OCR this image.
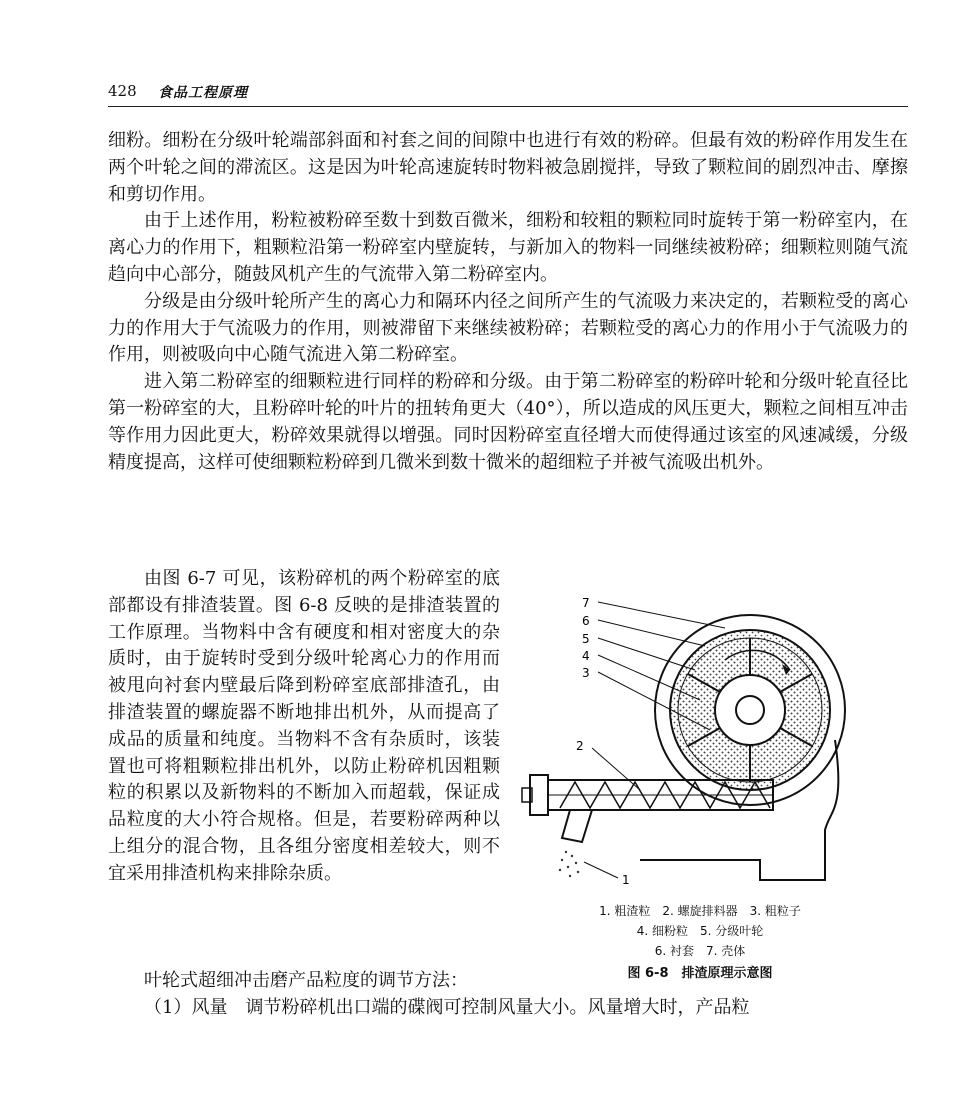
428 食品工程原理

细粉。细粉在分级叶轮端部斜面和衬套之间的间隙中也进行有效的粉碎。但最有效的粉碎作用发生在两个叶轮之间的滞流区。这是因为叶轮高速旋转时物料被急剧搅拌，导致了颗粒间的剧烈冲击、摩擦和剪切作用。

由于上述作用，粉粒被粉碎至数十到数百微米，细粉和较粗的颗粒同时旋转于第一粉碎室内，在离心力的作用下，粗颗粒沿第一粉碎室内壁旋转，与新加入的物料一同继续被粉碎；细颗粒则随气流趋向中心部分，随鼓风机产生的气流带入第二粉碎室内。

分级是由分级叶轮所产生的离心力和隔环内径之间所产生的气流吸力来决定的，若颗粒受的离心力的作用大于气流吸力的作用，则被滞留下来继续被粉碎；若颗粒受的离心力的作用小于气流吸力的作用，则被吸向中心随气流进入第二粉碎室。

进入第二粉碎室的细颗粒进行同样的粉碎和分级。由于第二粉碎室的粉碎叶轮和分级叶轮直径比第一粉碎室的大，且粉碎叶轮的叶片的扭转角更大（40°），所以造成的风压更大，颗粒之间相互冲击等作用力因此更大，粉碎效果就得以增强。同时因粉碎室直径增大而使得通过该室的风速减缓，分级精度提高，这样可使细颗粒粉碎到几微米到数十微米的超细粒子并被气流吸出机外。

由图 6-7 可见，该粉碎机的两个粉碎室的底部都设有排渣装置。图 6-8 反映的是排渣装置的工作原理。当物料中含有硬度和相对密度大的杂质时，由于旋转时受到分级叶轮离心力的作用而被甩向衬套内壁最后降到粉碎室底部排渣孔，由排渣装置的螺旋器不断地排出机外，从而提高了成品的质量和纯度。当物料不含有杂质时，该装置也可将粗颗粒排出机外，以防止粉碎机因粗颗粒的积累以及新物料的不断加入而超载，保证成品粒度的大小符合规格。但是，若要粉碎两种以上组分的混合物，且各组分密度相差较大，则不宜采用排渣机构来排除杂质。

叶轮式超细冲击磨产品粒度的调节方法：

（1）风量　调节粉碎机出口端的碟阀可控制风量大小。风量增大时，产品粒

7
6
5
4
3
2
1
1. 粗渣粒　2. 螺旋排料器　3. 粗粒子
4. 细粉粒　5. 分级叶轮
6. 衬套　7. 壳体
图 6-8　排渣原理示意图
